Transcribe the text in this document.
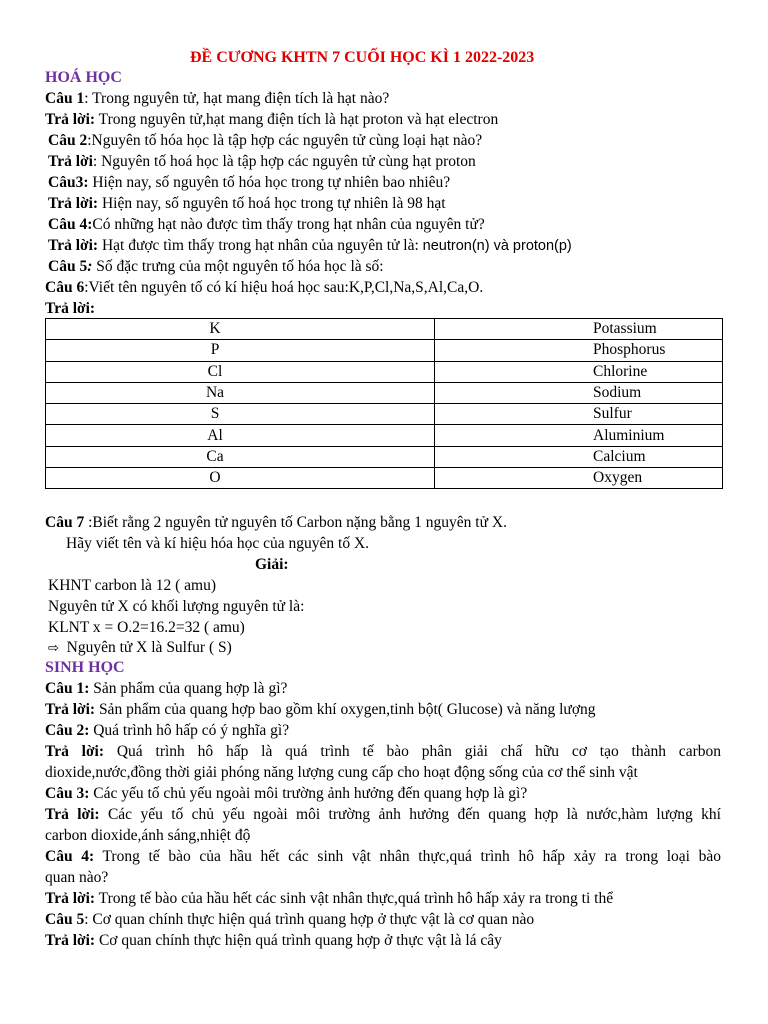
ĐỀ CƯƠNG KHTN 7 CUỐI HỌC KÌ 1 2022-2023
HOÁ HỌC
Câu 1: Trong nguyên tử, hạt mang điện tích là hạt nào?
Trả lời: Trong nguyên tử,hạt mang điện tích là hạt proton và hạt electron
Câu 2:Nguyên tố hóa học là tập hợp các nguyên tử cùng loại hạt nào?
Trả lời: Nguyên tố hoá học là tập hợp các nguyên tử cùng hạt proton
Câu3: Hiện nay, số nguyên tố hóa học trong tự nhiên bao nhiêu?
Trả lời: Hiện nay, số nguyên tố hoá học trong tự nhiên là 98 hạt
Câu 4:Có những hạt nào được tìm thấy trong hạt nhân của nguyên tử?
Trả lời: Hạt được tìm thấy trong hạt nhân của nguyên tử là: neutron(n) và proton(p)
Câu 5: Số đặc trưng của một nguyên tố hóa học là số:
Câu 6:Viết tên nguyên tố có kí hiệu hoá học sau:K,P,Cl,Na,S,Al,Ca,O.
Trả lời:
K	Potassium
P	Phosphorus
Cl	Chlorine
Na	Sodium
S	Sulfur
Al	Aluminium
Ca	Calcium
O	Oxygen
Câu 7 :Biết rằng 2 nguyên tử nguyên tố Carbon nặng bằng 1 nguyên tử X.
Hãy viết tên và kí hiệu hóa học của nguyên tố X.
Giải:
KHNT carbon là 12 ( amu)
Nguyên tử X có khối lượng nguyên tử là:
KLNT x = O.2=16.2=32 ( amu)
⇨ Nguyên tử X là Sulfur ( S)
SINH HỌC
Câu 1: Sản phẩm của quang hợp là gì?
Trả lời: Sản phẩm của quang hợp bao gồm khí oxygen,tinh bột( Glucose) và năng lượng
Câu 2: Quá trình hô hấp có ý nghĩa gì?
Trả lời: Quá trình hô hấp là quá trình tế bào phân giải chấ hữu cơ tạo thành carbon
dioxide,nước,đồng thời giải phóng năng lượng cung cấp cho hoạt động sống của cơ thể sinh vật
Câu 3: Các yếu tố chủ yếu ngoài môi trường ảnh hưởng đến quang hợp là gì?
Trả lời: Các yếu tố chủ yếu ngoài môi trường ảnh hưởng đến quang hợp là nước,hàm lượng khí
carbon dioxide,ánh sáng,nhiệt độ
Câu 4: Trong tế bào của hầu hết các sinh vật nhân thực,quá trình hô hấp xảy ra trong loại bào
quan nào?
Trả lời: Trong tế bào của hầu hết các sinh vật nhân thực,quá trình hô hấp xảy ra trong ti thể
Câu 5: Cơ quan chính thực hiện quá trình quang hợp ở thực vật là cơ quan nào
Trả lời: Cơ quan chính thực hiện quá trình quang hợp ở thực vật là lá cây
